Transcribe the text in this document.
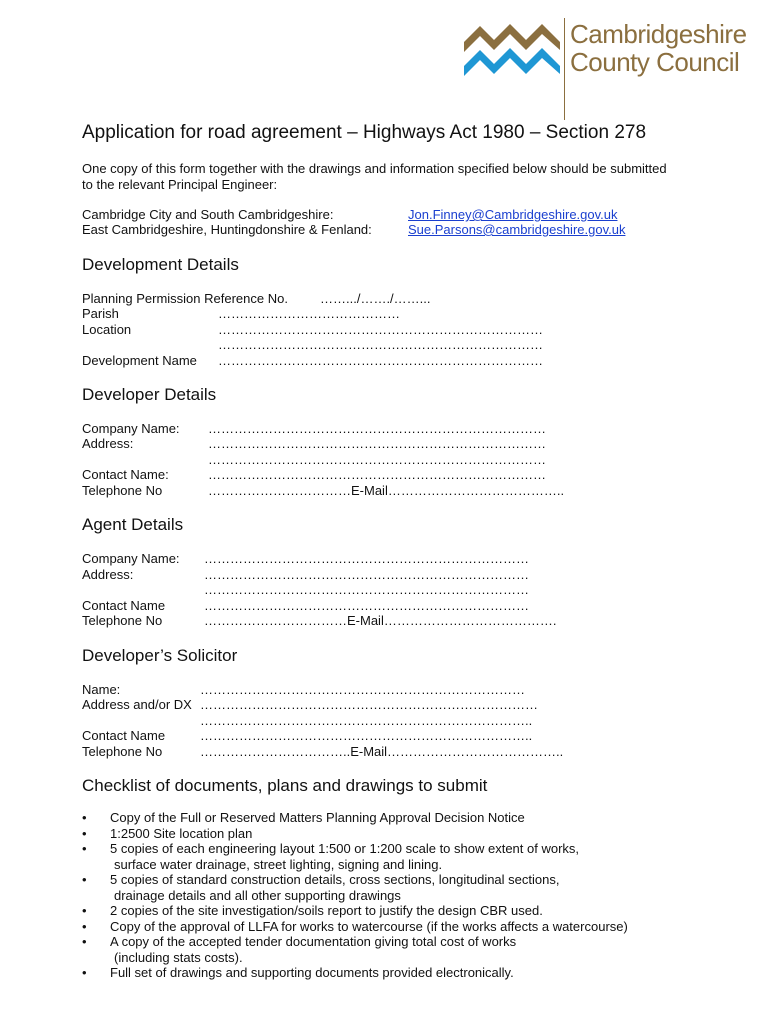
Cambridgeshire
County Council
Application for road agreement – Highways Act 1980 – Section 278
One copy of this form together with the drawings and information specified below should be submitted
to the relevant Principal Engineer:
Cambridge City and South Cambridgeshire:	Jon.Finney@Cambridgeshire.gov.uk
East Cambridgeshire, Huntingdonshire & Fenland:	Sue.Parsons@cambridgeshire.gov.uk
Development Details
Planning Permission Reference No. …….../……./……...
Parish	……………………………………
Location	…………………………………………………………………
…………………………………………………………………
Development Name …………………………………………………………………
Developer Details
Company Name: ……………………………………………………………………
Address:	……………………………………………………………………
……………………………………………………………………
Contact Name:	……………………………………………………………………
Telephone No	……………………………E-Mail…………………………………..
Agent Details
Company Name: …………………………………………………………………
Address:	…………………………………………………………………
…………………………………………………………………
Contact Name	…………………………………………………………………
Telephone No	……………………………E-Mail………………………………….
Developer’s Solicitor
Name:	…………………………………………………………………
Address and/or DX ……………………………………………………………………
…………………………………………………………………..
Contact Name	…………………………………………………………………..
Telephone No	……………………………..E-Mail…………………………………..
Checklist of documents, plans and drawings to submit
• Copy of the Full or Reserved Matters Planning Approval Decision Notice
• 1:2500 Site location plan
• 5 copies of each engineering layout 1:500 or 1:200 scale to show extent of works,
surface water drainage, street lighting, signing and lining.
• 5 copies of standard construction details, cross sections, longitudinal sections,
drainage details and all other supporting drawings
• 2 copies of the site investigation/soils report to justify the design CBR used.
• Copy of the approval of LLFA for works to watercourse (if the works affects a watercourse)
• A copy of the accepted tender documentation giving total cost of works
(including stats costs).
• Full set of drawings and supporting documents provided electronically.
